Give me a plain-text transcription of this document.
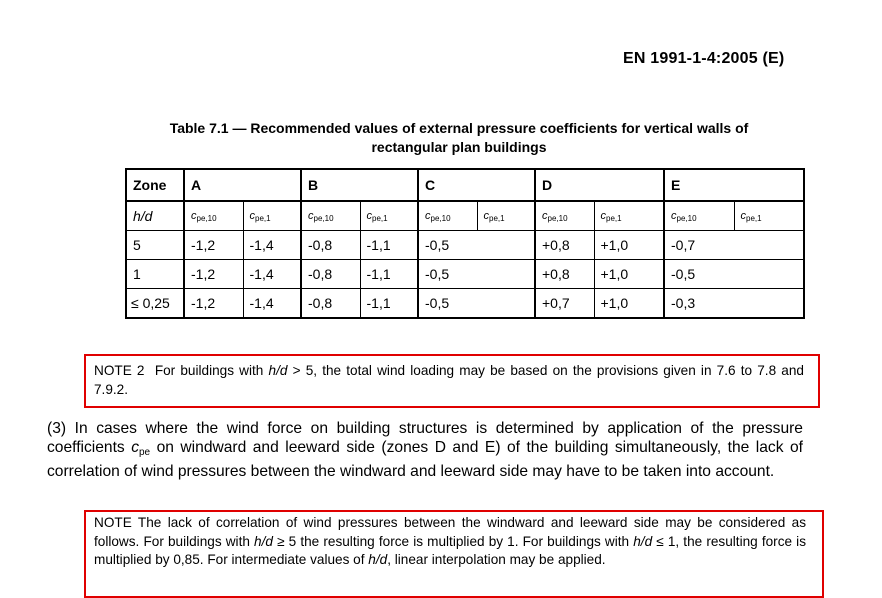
EN 1991-1-4:2005 (E)
Table 7.1 — Recommended values of external pressure coefficients for vertical walls of
rectangular plan buildings
Zone	A		B		C		D		E	
h/d	$c_{pe,10}$	$c_{pe,1}$	$c_{pe,10}$	$c_{pe,1}$	$c_{pe,10}$	$c_{pe,1}$	$c_{pe,10}$	$c_{pe,1}$	$c_{pe,10}$	$c_{pe,1}$
5	-1,2	-1,4	-0,8	-1,1	-0,5		+0,8	+1,0	-0,7	
1	-1,2	-1,4	-0,8	-1,1	-0,5		+0,8	+1,0	-0,5	
≤ 0,25	-1,2	-1,4	-0,8	-1,1	-0,5		+0,7	+1,0	-0,3	
NOTE 2 For buildings with h/d > 5, the total wind loading may be based on the provisions given in 7.6 to 7.8 and 7.9.2.
(3) In cases where the wind force on building structures is determined by application of the pressure coefficients $c_{pe}$ on windward and leeward side (zones D and E) of the building simultaneously, the lack of correlation of wind pressures between the windward and leeward side may have to be taken into account.
NOTE The lack of correlation of wind pressures between the windward and leeward side may be considered as follows. For buildings with h/d ≥ 5 the resulting force is multiplied by 1. For buildings with h/d ≤ 1, the resulting force is multiplied by 0,85. For intermediate values of h/d, linear interpolation may be applied.
